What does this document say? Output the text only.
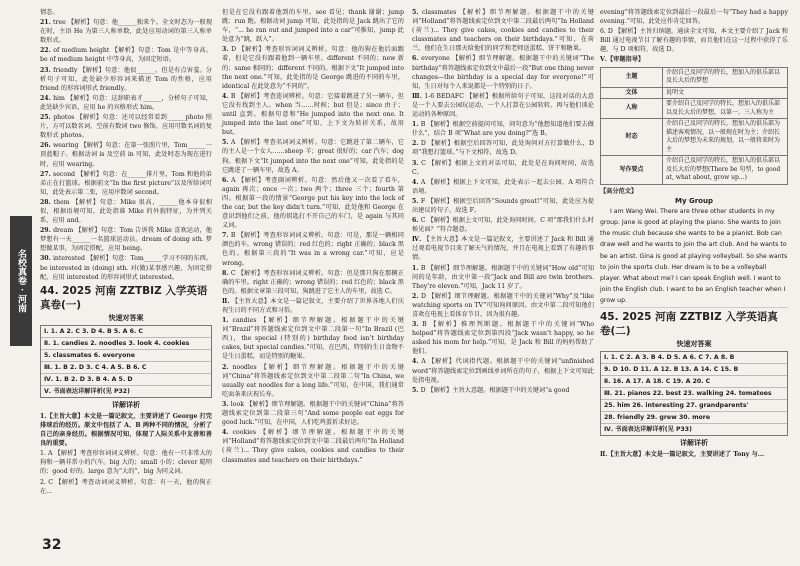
名校真卷 · 河南
情态。
21. tree 【解析】句意：他______独来个。全文时态为一般现在时，主语 He 为第三人称单数，此处应用动词的第三人称单数形式。
22. of medium height 【解析】句意：Tom 是中等身高。be of medium height 中等身高，为固定短语。
23. friendly 【解析】句意：他很______，但是有点害羞。分析句子可知，此处缺少形容词来描述 Tom 的性格，应用 friend 的形容词形式 friendly。
24. him 【解析】句意：这辞职表才______，分析句子可知，此处缺少宾语，应用 he 的宾格形式 him。
25. photos 【解析】句意：还可以经常看到______photo 照片，方可以数名词，空前有数词 two 修饰，应用可数名词的复数形式 photos。
26. wearing 【解析】句意：在第一张照片里，Tom______一顶蓝帽子。根据动词 is 及空前 in 可知，此处时态为现在进行时，应用 wearing。
27. second 【解析】句意：在______排片里，Tom 和他的弟弟正在打篮球。根据前文“In the first picture”以及所给词可知，此处表示第二张，应用序数词 second。
28. them 【解析】句意：Mike 很高，______他本身很相似，根据语境可知，此处指谁 Mike 的外貌特征，为并列关系，应用 and。
29. dream 【解析】句意：Tom 告诉我 Mike 喜欢运动，他梦想有一天______一名篮球运动员。dream of doing sth. 梦想做某事，为固定搭配，应用 being。
30. interested 【解析】句意：Tom______学习不同的东西。be interested in (doing) sth. 对(做)某事感兴趣，为固定搭配，应用 interested 的形容词形式 interested。
44. 2025 河南 ZZTBIZ 入学英语真卷(一)
快速对答案
Ⅰ. 1. A 2. C 3. D 4. B 5. A 6. C
Ⅱ. 1. candies 2. noodles 3. look 4. cookies
5. classmates 6. everyone
Ⅲ. 1. B 2. D 3. C 4. A 5. B 6. C
Ⅳ. 1. B 2. D 3. B 4. A 5. D
Ⅴ. 书面表达详解详析(见 P32)
详解详析
1.【主旨大意】本文是一篇记叙文，主要讲述了 George 打完排球后的经历。原文中包括了 A、B 两种不同的情况，分析了自己的亲身经历。根据情况可知，体现了人际关系中友善和善良的重要。
1. A 【解析】考查形容词词义辨析。句意：他有一只非常大的狗和一辆非常小的汽车。big 大的；small 小的；clever 聪明的；good 好的。large 意为“大的”，big 为同义词。
2. C 【解析】考查动词词义辨析。句意：有一天，他的狗正在...
32
但是在它没有跟着他到的车里。see 看见；thank 谢谢；jump 跳；run 跑。根据动词 jump 可知，此处指的是 Jack 跳出了它的车，“... he ran out and jumped into a car”可推知，jump 此处意为“跳，跃入”。
3. D 【解析】考查形容词词义辨析。句意：他的狗在他后面跟着，但是它没有跟着他到一辆车里。different 不同的；new 新的；same 相同的；different 不同的。根据下文“It jumped into the next one.”可知，此处指的是 George 跳进的不同的车里，identical 在此处意为“不同的”。
4. B 【解析】考查连词辨析。句意：它接着跳进了另一辆车，但它没有找到主人。when 当……时候；but 但是；since 由于；until 直到。根据句意和“He jumped into the next one. It jumped into the last one”可知，上下文为转折关系，故用 but。
5. A 【解析】考查名词词义辨析。句意：它跳进了第二辆车，它的主人是一个女人……sheep 羊；great 很好的；car 汽车；dog 狗。根据下文“It jumped into the next one”可知，此处指的是它跳进了一辆车里，故选 A。
6. A 【解析】考查副词辨析。句意：然后他又一次看了看车，again 再次；once 一次；two 两个；three 三个；fourth 第四。根据第一段的情景“George put his key into the lock of the car, but the key didn’t turn.”可知，此处他和 George 在意识到他们之前，他的钥匙打不开自己的车门，是 again 与其同义词。
7. B 【解析】考查形容词词义辨析。句意：可是，那是一辆相同颜色的车。wrong 错误的；red 红色的；right 正确的；black 黑色的。根据第三段的“It was in a wrong car.”可知，应是 wrong。
8. C 【解析】考查形容词词义辨析。句意：但是那只狗在那辆正确的车里。right 正确的；wrong 错误的；red 红色的；black 黑色的。根据文章第三段可知，狗跳进了它主人的车里，故选 C。
Ⅱ. 【主旨大意】本文是一篇记叙文，主要介绍了世界各地人们庆祝生日的不同方式和习俗。
1. candies 【解析】细节理解题。根据题干中的关键词“Brazil”将答题线索定位到文中第二段第一句“In Brazil (巴西)，the special (特别的) birthday food isn’t birthday cakes, but special candies.”可知，在巴西，特别的生日食物不是生日蛋糕，而是特别的糖果。
2. noodles 【解析】细节理解题。根据题干中的关键词“China”将答题线索定位到文中第二段第二句“In China, we usually eat noodles for a long life.”可知，在中国，我们通常吃面条来庆祝长寿。
3. look 【解析】细节理解题。根据题干中的关键词“China”将答题线索定位到第二段第三句“And some people eat eggs for good luck.”可知，在中国，人们吃鸡蛋祈求好运。
4. cookies 【解析】细节理解题。根据题干中的关键词“Holland”将答题线索定位到文中第二段最后两句“In Holland (荷兰)... They give cakes, cookies and candies to their classmates and teachers on their birthdays.”
5. classmates 【解析】细节理解题。根据题干中的关键词“Holland”将答题线索定位到文中第二段最后两句“In Holland (荷兰)... They give cakes, cookies and candies to their classmates and teachers on their birthdays.”可知，在荷兰，他们在生日那天给他们的同学和老师送蛋糕、饼干和糖果。
6. everyone 【解析】细节理解题。根据题干中的关键词“The birthday”将答题线索定位到文中最后一段“But one thing never changes—the birthday is a special day for everyone!”可知，生日对每个人来说都是一个特别的日子。
Ⅲ. 1-6 BEDAFC 【解析】根据所给句子可知，这段对话的大意是一个人要去公园玩运动、一个人打算在公园转转，再与他们谈论运动的各种原因。
1. B 【解析】根据空前提问可知，问句意为“他想知道他们要去做什么”，结合 B 项“What are you doing?”选 B。
2. D 【解析】根据空后回答可知，此处询问对方打算做什么，D 项“我想打篮球。”与下文相符，故选 D。
3. C 【解析】根据上文的对话可知，此处是在询问时间，故选 C。
4. A 【解析】根据上下文可知，此处表示一起去公园，A 项符合语境。
5. F 【解析】根据空后回答“Sounds great!”可知，此处应为提出建议的句子，故选 F。
6. C 【解析】根据上文可知，此处询问时间，C 项“那我们什么时候见面？”符合题意。
Ⅳ. 【主旨大意】本文是一篇记叙文，主要讲述了 Jack 和 Bill 通过观看电视节目来了解天气的情况，并且在电视上看到了有趣的事情。
1. B 【解析】细节理解题。根据题干中的关键词“How old”可知问的是年龄，由文中第一段“Jack and Bill are twin brothers. They’re eleven.”可知，Jack 11 岁了。
2. D 【解析】细节理解题。根据题干中的关键词“Why”及“like watching sports on TV”可知询问原因。由文中第二段可知他们喜欢在电视上看体育节目，因为很有趣。
3. B 【解析】推理判断题。根据题干中的关键词“Who helped”将答题线索定位到第四段“Jack wasn’t happy, so he asked his mom for help.”可知，是 Jack 和 Bill 的妈妈帮助了他们。
4. A 【解析】代词指代题。根据题干中的关键词“unfinished word”将答题线索定位到画线单词所在的句子，根据上下文可知此处指电视。
5. D 【解析】主旨大意题。根据题干中的关键词“a good
evening”将答题线索定位到最后一段最后一句“They had a happy evening.”可知，此处应作肯定回答。
6. D 【解析】主旨归纳题。通读全文可知，本文主要介绍了 Jack 和 Bill 通过电视节目了解有趣的事情，而且他们在这一过程中获得了乐趣，与 D 项相符，故选 D。
Ⅴ.【审题指导】
主题	介绍自己及同学的特长，想加入的俱乐部以及长大后的梦想
文体	说明文
人称	要介绍自己及同学的特长，想加入的俱乐部以及长大后的梦想，以第一、三人称为主
时态	介绍自己及同学的特长，想加入的俱乐部为描述客观情况，以一般现在时为主；介绍长大后的梦想为未来的规划，以一般将来时为主
写作要点	介绍自己及同学的特长，想加入的俱乐部以及长大后的梦想(There be 句型，to good at, what about, grow up...)
【高分范文】
My Group

I am Wang Wei. There are three other students in my group. Jane is good at playing the piano. She wants to join the music club because she wants to be a pianist. Bob can draw well and he wants to join the art club. And he wants to be an artist. Gina is good at playing volleyball. So she wants to join the sports club. Her dream is to be a volleyball player. What about me? I can speak English well. I want to join the English club. I want to be an English teacher when I grow up.

45. 2025 河南 ZZTBIZ 入学英语真卷(二)
快速对答案
Ⅰ. 1. C 2. A 3. B 4. D 5. A 6. C 7. A 8. B
9. D 10. D 11. A 12. B 13. A 14. C 15. B
Ⅱ. 16. A 17. A 18. C 19. A 20. C
Ⅲ. 21. pianos 22. best 23. walking 24. tomatoes
25. him 26. interesting 27. grandparents'
28. friendly 29. grew 30. more
Ⅳ. 书面表达详解详析(见 P33)
详解详析
Ⅱ.【主旨大意】本文是一篇记叙文，主要讲述了 Tony 与...
